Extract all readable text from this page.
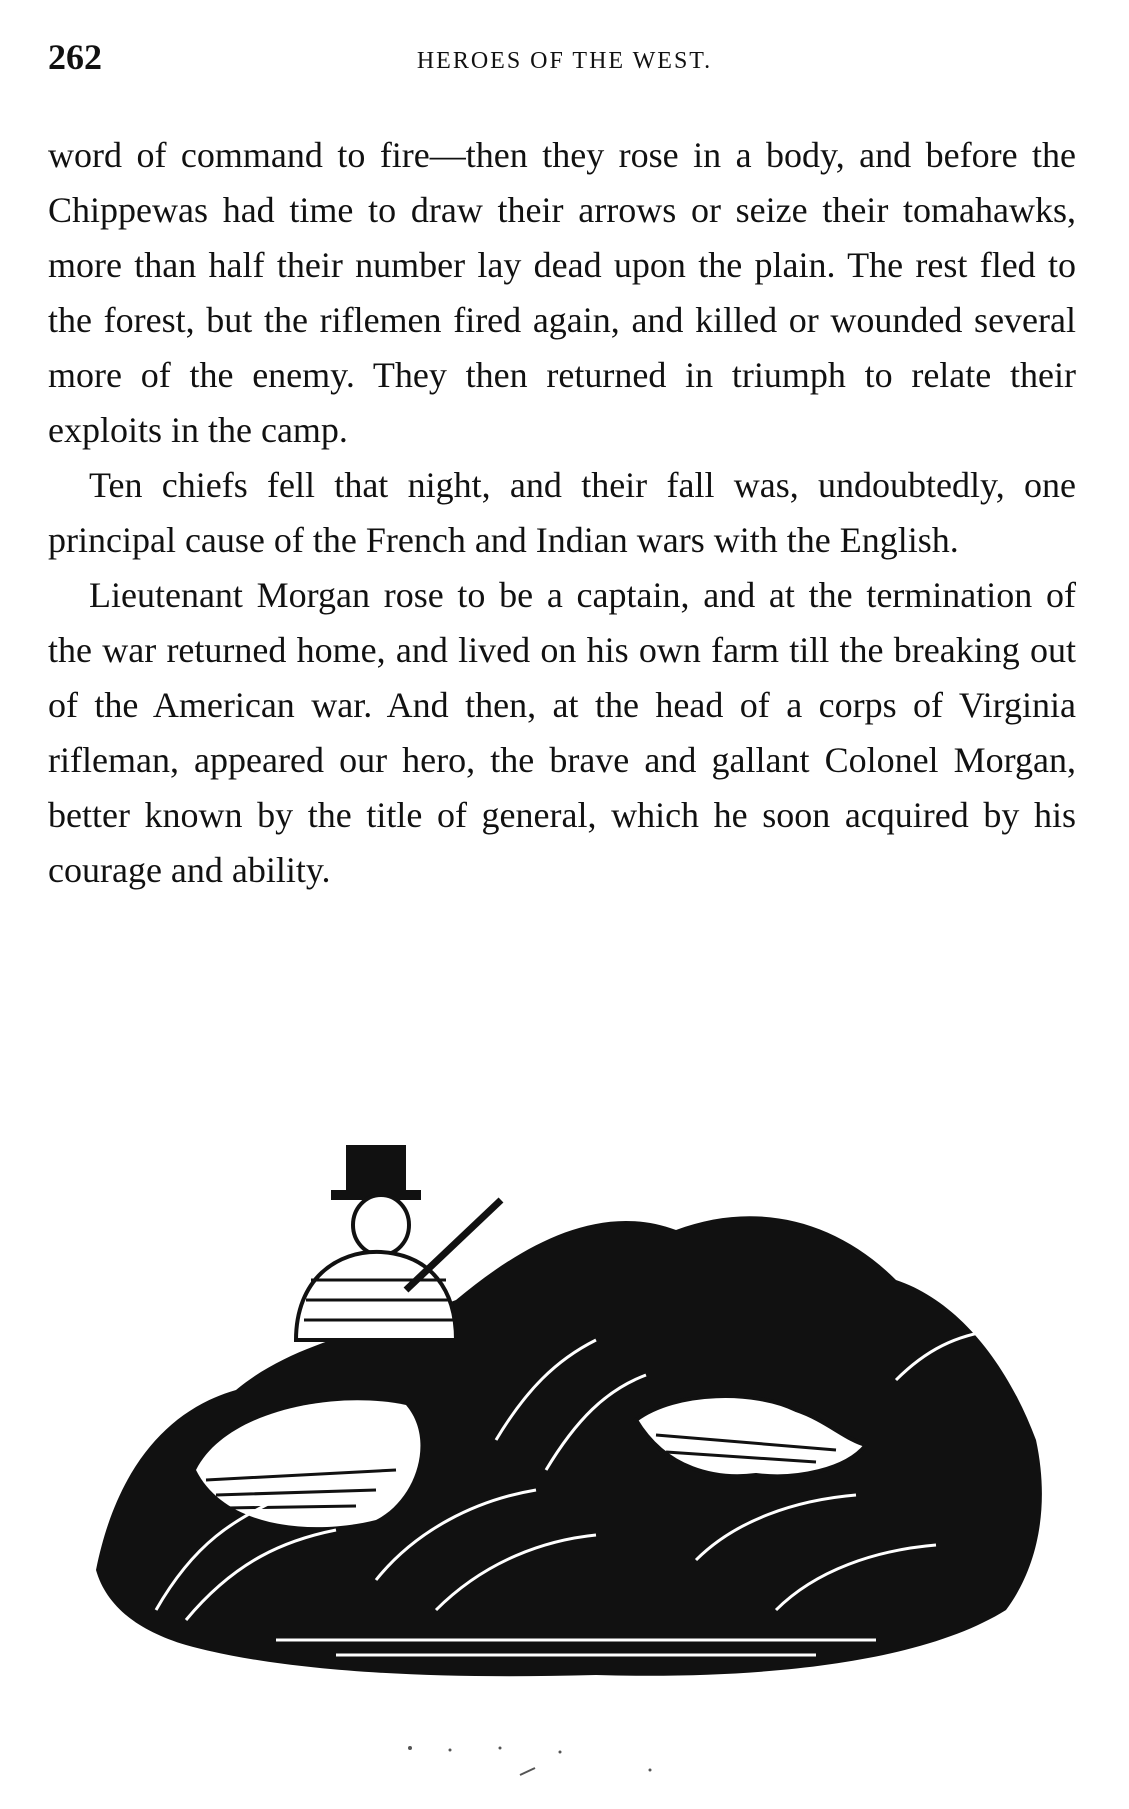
262	HEROES OF THE WEST.

word of command to fire—then they rose in a body, and before the Chippewas had time to draw their arrows or seize their tomahawks, more than half their number lay dead upon the plain. The rest fled to the forest, but the riflemen fired again, and killed or wounded several more of the enemy. They then returned in triumph to relate their exploits in the camp.

Ten chiefs fell that night, and their fall was, undoubtedly, one principal cause of the French and Indian wars with the English.

Lieutenant Morgan rose to be a captain, and at the termination of the war returned home, and lived on his own farm till the breaking out of the American war. And then, at the head of a corps of Virginia rifleman, appeared our hero, the brave and gallant Colonel Morgan, better known by the title of general, which he soon acquired by his courage and ability.
